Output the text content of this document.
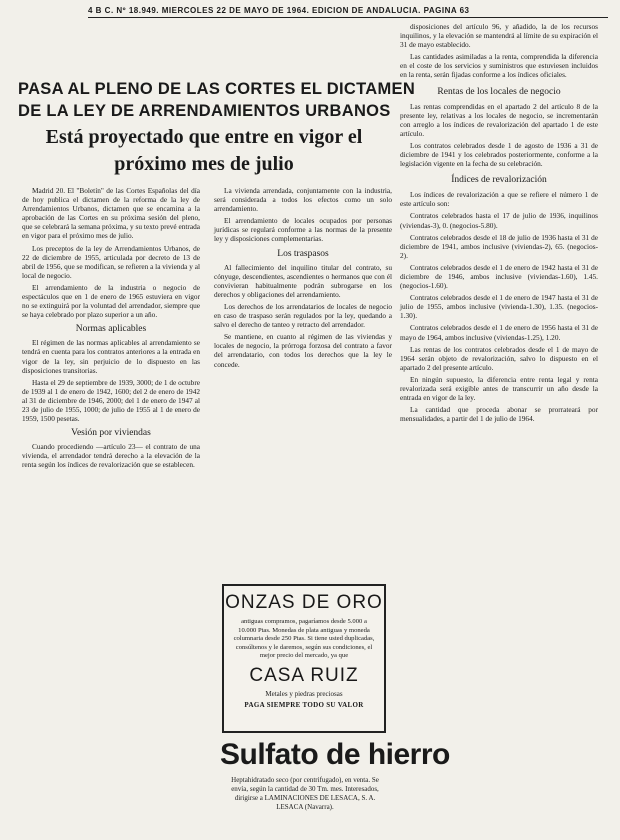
4 B C. Nº 18.949. MIERCOLES 22 DE MAYO DE 1964. EDICION DE ANDALUCIA. PAGINA 63
PASA AL PLENO DE LAS CORTES EL DICTAMEN
DE LA LEY DE ARRENDAMIENTOS URBANOS
Está proyectado que entre en vigor el
próximo mes de julio

Madrid 20. El "Boletín" de las Cortes Españolas del día de hoy publica el dictamen de la reforma de la ley de Arrendamientos Urbanos, dictamen que se encamina a la aprobación de las Cortes en su próxima sesión del pleno, que se celebrará la semana próxima, y su texto prevé entrada en vigor para el próximo mes de julio.

Los preceptos de la ley de Arrendamientos Urbanos, de 22 de diciembre de 1955, articulada por decreto de 13 de abril de 1956, que se modifican, se refieren a la vivienda y al local de negocio.

El arrendamiento de la industria o negocio de espectáculos que en 1 de enero de 1965 estuviera en vigor no se extinguirá por la voluntad del arrendador, siempre que se haya celebrado por plazo superior a un año.

Normas aplicables

El régimen de las normas aplicables al arrendamiento se tendrá en cuenta para los contratos anteriores a la entrada en vigor de la ley, sin perjuicio de lo dispuesto en las disposiciones transitorias.

Hasta el 29 de septiembre de 1939, 3000; de 1 de octubre de 1939 al 1 de enero de 1942, 1600; del 2 de enero de 1942 al 31 de diciembre de 1946, 2000; del 1 de enero de 1947 al 23 de julio de 1955, 1000; de julio de 1955 al 1 de enero de 1959, 1500 pesetas.

Vesión por viviendas

Cuando procediendo —artículo 23— el contrato de una vivienda, el arrendador tendrá derecho a la elevación de la renta según los índices de revalorización que se establecen.

La vivienda arrendada, conjuntamente con la industria, será considerada a todos los efectos como un solo arrendamiento.

El arrendamiento de locales ocupados por personas jurídicas se regulará conforme a las normas de la presente ley y disposiciones complementarias.

Los traspasos

Al fallecimiento del inquilino titular del contrato, su cónyuge, descendientes, ascendientes o hermanos que con él convivieran habitualmente podrán subrogarse en los derechos y obligaciones del arrendamiento.

Los derechos de los arrendatarios de locales de negocio en caso de traspaso serán regulados por la ley, quedando a salvo el derecho de tanteo y retracto del arrendador.

Se mantiene, en cuanto al régimen de las viviendas y locales de negocio, la prórroga forzosa del contrato a favor del arrendatario, con todos los derechos que la ley le concede.

ONZAS DE ORO
antiguas compramos, pagaríamos desde 5.000 a 10.000 Ptas. Monedas de plata antiguas y moneda columnaria desde 250 Ptas. Si tiene usted duplicadas, consúltenos y le daremos, según sus condiciones, el mejor precio del mercado, ya que
CASA RUIZ
Metales y piedras preciosas
PAGA SIEMPRE TODO SU VALOR
Sulfato de hierro
Heptahidratado seco (por centrifugado), en venta. Se envía, según la cantidad de 30 Tm. mes. Interesados, dirigirse a LAMINACIONES DE LESACA, S. A. LESACA (Navarra).

disposiciones del artículo 96, y añadido, la de los recursos inquilinos, y la elevación se mantendrá al límite de su expiración el 31 de mayo establecido.

Las cantidades asimiladas a la renta, comprendida la diferencia en el coste de los servicios y suministros que estuviesen incluidos en la renta, serán fijadas conforme a los índices oficiales.

Rentas de los locales de negocio

Las rentas comprendidas en el apartado 2 del artículo 8 de la presente ley, relativas a los locales de negocio, se incrementarán con arreglo a los índices de revalorización del apartado 1 de este artículo.

Los contratos celebrados desde 1 de agosto de 1936 a 31 de diciembre de 1941 y los celebrados posteriormente, conforme a la legislación vigente en la fecha de su celebración.

Índices de revalorización

Los índices de revalorización a que se refiere el número 1 de este artículo son:

Contratos celebrados hasta el 17 de julio de 1936, inquilinos (viviendas-3), 0. (negocios-5.80).

Contratos celebrados desde el 18 de julio de 1936 hasta el 31 de diciembre de 1941, ambos inclusive (viviendas-2), 65. (negocios-2).

Contratos celebrados desde el 1 de enero de 1942 hasta el 31 de diciembre de 1946, ambos inclusive (viviendas-1.60), 1.45. (negocios-1.60).

Contratos celebrados desde el 1 de enero de 1947 hasta el 31 de julio de 1955, ambos inclusive (vivienda-1.30), 1.35. (negocios-1.30).

Contratos celebrados desde el 1 de enero de 1956 hasta el 31 de mayo de 1964, ambos inclusive (viviendas-1.25), 1.20.

Las rentas de los contratos celebrados desde el 1 de mayo de 1964 serán objeto de revalorización, salvo lo dispuesto en el apartado 2 del presente artículo.

En ningún supuesto, la diferencia entre renta legal y renta revalorizada será exigible antes de transcurrir un año desde la entrada en vigor de la ley.

La cantidad que proceda abonar se prorrateará por mensualidades, a partir del 1 de julio de 1964.
